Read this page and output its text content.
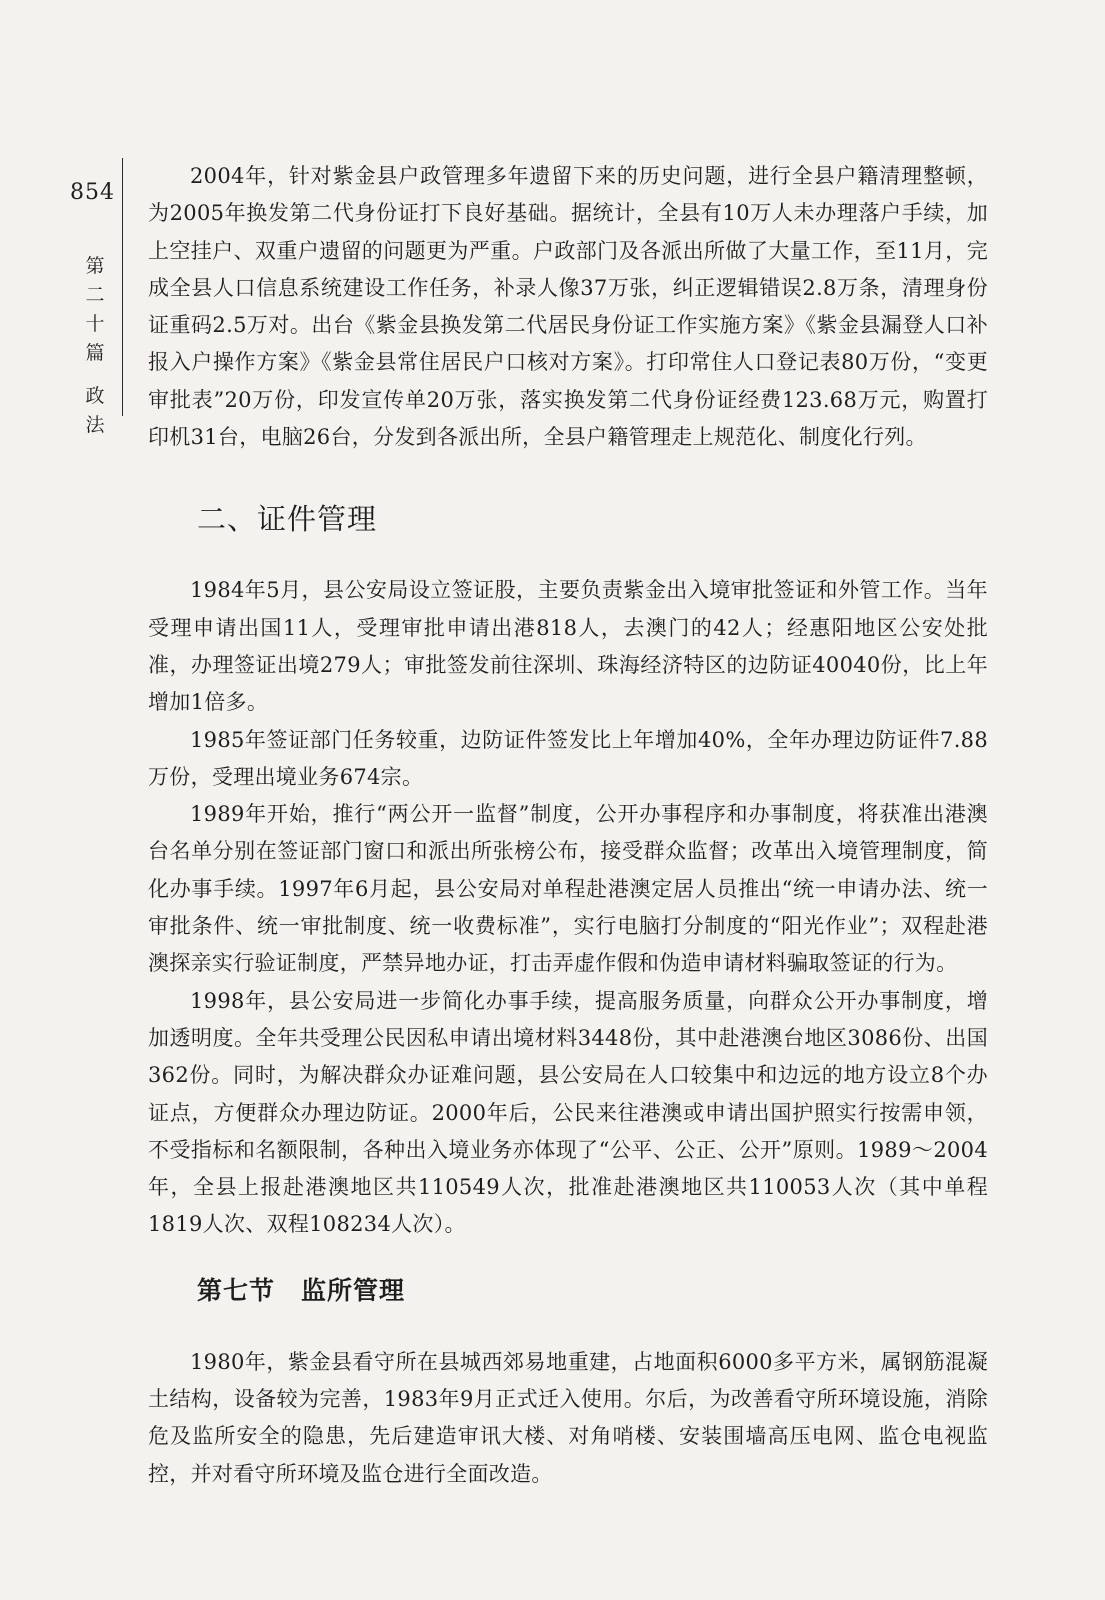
854
第
二
十
篇
政
法

2004年，针对紫金县户政管理多年遗留下来的历史问题，进行全县户籍清理整顿，为2005年换发第二代身份证打下良好基础。据统计，全县有10万人未办理落户手续，加上空挂户、双重户遗留的问题更为严重。户政部门及各派出所做了大量工作，至11月，完成全县人口信息系统建设工作任务，补录人像37万张，纠正逻辑错误2.8万条，清理身份证重码2.5万对。出台《紫金县换发第二代居民身份证工作实施方案》《紫金县漏登人口补报入户操作方案》《紫金县常住居民户口核对方案》。打印常住人口登记表80万份，“变更审批表”20万份，印发宣传单20万张，落实换发第二代身份证经费123.68万元，购置打印机31台，电脑26台，分发到各派出所，全县户籍管理走上规范化、制度化行列。

二、证件管理

1984年5月，县公安局设立签证股，主要负责紫金出入境审批签证和外管工作。当年受理申请出国11人，受理审批申请出港818人，去澳门的42人；经惠阳地区公安处批准，办理签证出境279人；审批签发前往深圳、珠海经济特区的边防证40040份，比上年增加1倍多。

1985年签证部门任务较重，边防证件签发比上年增加40%，全年办理边防证件7.88万份，受理出境业务674宗。

1989年开始，推行“两公开一监督”制度，公开办事程序和办事制度，将获准出港澳台名单分别在签证部门窗口和派出所张榜公布，接受群众监督；改革出入境管理制度，简化办事手续。1997年6月起，县公安局对单程赴港澳定居人员推出“统一申请办法、统一审批条件、统一审批制度、统一收费标准”，实行电脑打分制度的“阳光作业”；双程赴港澳探亲实行验证制度，严禁异地办证，打击弄虚作假和伪造申请材料骗取签证的行为。

1998年，县公安局进一步简化办事手续，提高服务质量，向群众公开办事制度，增加透明度。全年共受理公民因私申请出境材料3448份，其中赴港澳台地区3086份、出国362份。同时，为解决群众办证难问题，县公安局在人口较集中和边远的地方设立8个办证点，方便群众办理边防证。2000年后，公民来往港澳或申请出国护照实行按需申领，不受指标和名额限制，各种出入境业务亦体现了“公平、公正、公开”原则。1989～2004年，全县上报赴港澳地区共110549人次，批准赴港澳地区共110053人次（其中单程1819人次、双程108234人次）。

第七节　监所管理

1980年，紫金县看守所在县城西郊易地重建，占地面积6000多平方米，属钢筋混凝土结构，设备较为完善，1983年9月正式迁入使用。尔后，为改善看守所环境设施，消除危及监所安全的隐患，先后建造审讯大楼、对角哨楼、安装围墙高压电网、监仓电视监控，并对看守所环境及监仓进行全面改造。
